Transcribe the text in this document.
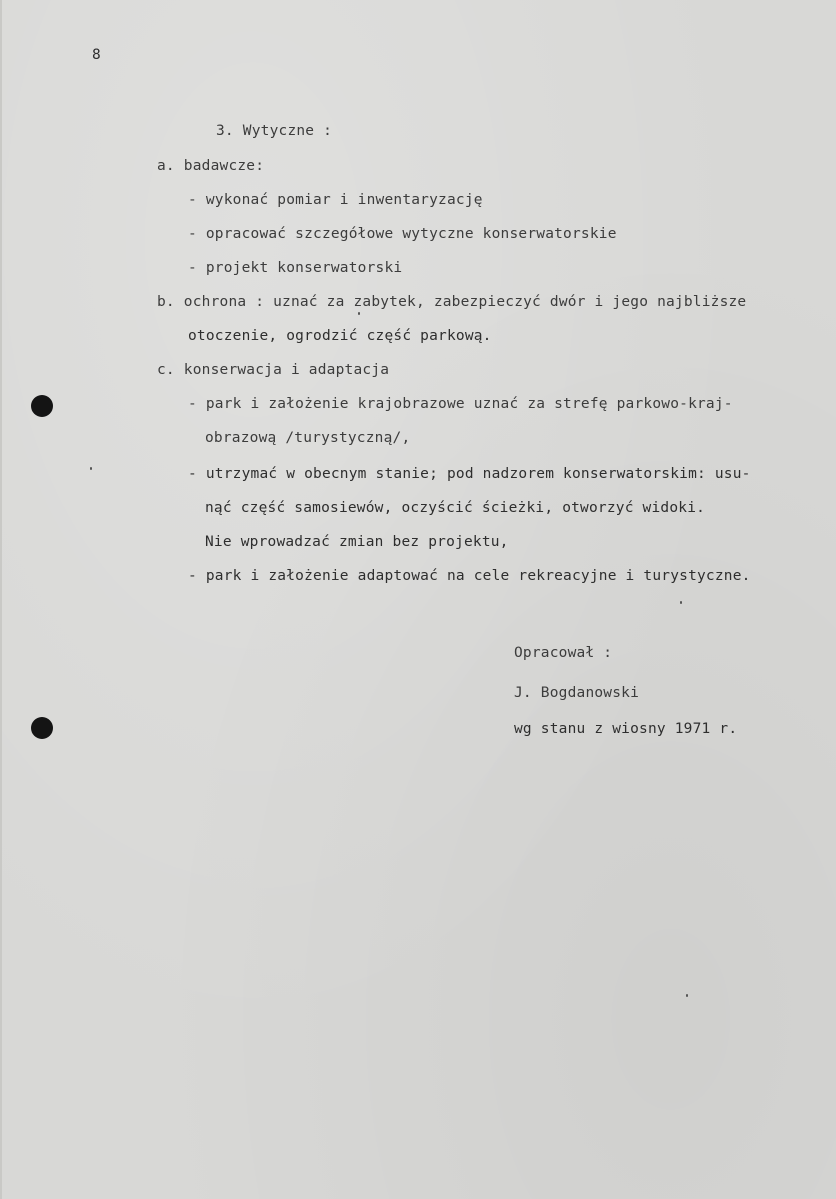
8
3. Wytyczne :
a. badawcze:
- wykonać pomiar i inwentaryzację
- opracować szczegółowe wytyczne konserwatorskie
- projekt konserwatorski
b. ochrona : uznać za zabytek, zabezpieczyć dwór i jego najbliższe
otoczenie, ogrodzić część parkową.
c. konserwacja i adaptacja
- park i założenie krajobrazowe uznać za strefę parkowo-kraj-
obrazową /turystyczną/,
- utrzymać w obecnym stanie; pod nadzorem konserwatorskim: usu-
nąć część samosiewów, oczyścić ścieżki, otworzyć widoki.
Nie wprowadzać zmian bez projektu,
- park i założenie adaptować na cele rekreacyjne i turystyczne.
Opracował :
J. Bogdanowski
wg stanu z wiosny 1971 r.
